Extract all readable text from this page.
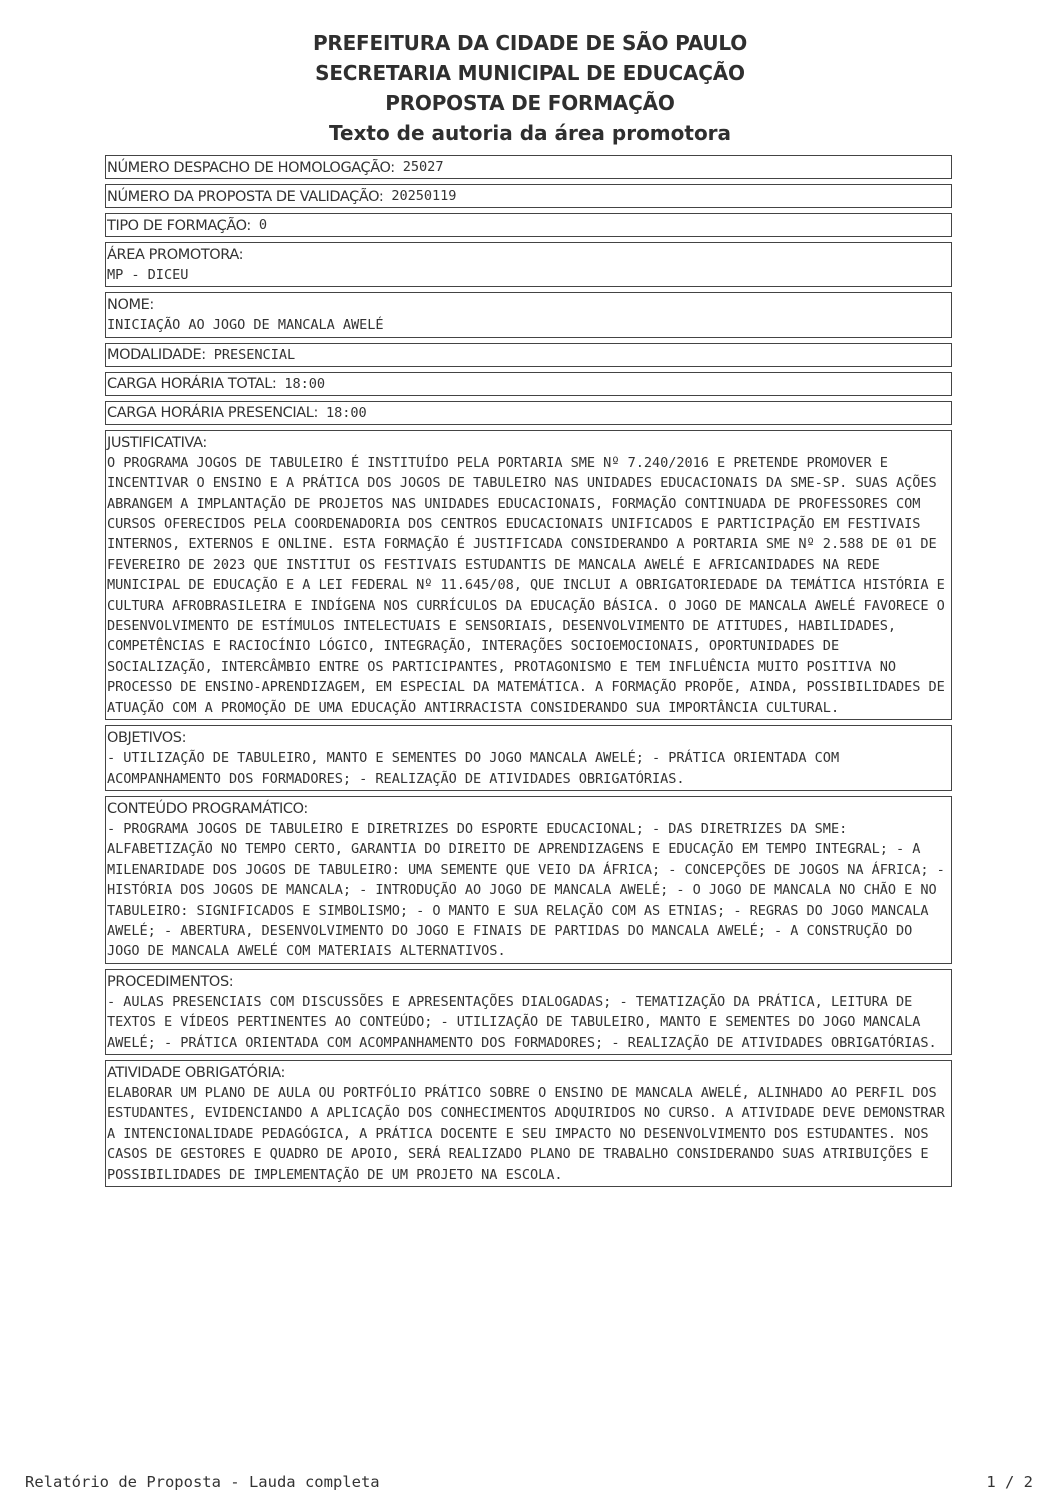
PREFEITURA DA CIDADE DE SÃO PAULO
SECRETARIA MUNICIPAL DE EDUCAÇÃO
PROPOSTA DE FORMAÇÃO
Texto de autoria da área promotora
NÚMERO DESPACHO DE HOMOLOGAÇÃO: 25027
NÚMERO DA PROPOSTA DE VALIDAÇÃO: 20250119
TIPO DE FORMAÇÃO: 0
ÁREA PROMOTORA:
MP - DICEU
NOME:
INICIAÇÃO AO JOGO DE MANCALA AWELÉ
MODALIDADE: PRESENCIAL
CARGA HORÁRIA TOTAL: 18:00
CARGA HORÁRIA PRESENCIAL: 18:00
JUSTIFICATIVA:
O PROGRAMA JOGOS DE TABULEIRO É INSTITUÍDO PELA PORTARIA SME Nº 7.240/2016 E PRETENDE PROMOVER E INCENTIVAR O ENSINO E A PRÁTICA DOS JOGOS DE TABULEIRO NAS UNIDADES EDUCACIONAIS DA SME-SP. SUAS AÇÕES ABRANGEM A IMPLANTAÇÃO DE PROJETOS NAS UNIDADES EDUCACIONAIS, FORMAÇÃO CONTINUADA DE PROFESSORES COM CURSOS OFERECIDOS PELA COORDENADORIA DOS CENTROS EDUCACIONAIS UNIFICADOS E PARTICIPAÇÃO EM FESTIVAIS INTERNOS, EXTERNOS E ONLINE. ESTA FORMAÇÃO É JUSTIFICADA CONSIDERANDO A PORTARIA SME Nº 2.588 DE 01 DE FEVEREIRO DE 2023 QUE INSTITUI OS FESTIVAIS ESTUDANTIS DE MANCALA AWELÉ E AFRICANIDADES NA REDE MUNICIPAL DE EDUCAÇÃO E A LEI FEDERAL Nº 11.645/08, QUE INCLUI A OBRIGATORIEDADE DA TEMÁTICA HISTÓRIA E CULTURA AFROBRASILEIRA E INDÍGENA NOS CURRÍCULOS DA EDUCAÇÃO BÁSICA. O JOGO DE MANCALA AWELÉ FAVORECE O DESENVOLVIMENTO DE ESTÍMULOS INTELECTUAIS E SENSORIAIS, DESENVOLVIMENTO DE ATITUDES, HABILIDADES, COMPETÊNCIAS E RACIOCÍNIO LÓGICO, INTEGRAÇÃO, INTERAÇÕES SOCIOEMOCIONAIS, OPORTUNIDADES DE SOCIALIZAÇÃO, INTERCÂMBIO ENTRE OS PARTICIPANTES, PROTAGONISMO E TEM INFLUÊNCIA MUITO POSITIVA NO PROCESSO DE ENSINO-APRENDIZAGEM, EM ESPECIAL DA MATEMÁTICA. A FORMAÇÃO PROPÕE, AINDA, POSSIBILIDADES DE ATUAÇÃO COM A PROMOÇÃO DE UMA EDUCAÇÃO ANTIRRACISTA CONSIDERANDO SUA IMPORTÂNCIA CULTURAL.
OBJETIVOS:
- UTILIZAÇÃO DE TABULEIRO, MANTO E SEMENTES DO JOGO MANCALA AWELÉ; - PRÁTICA ORIENTADA COM ACOMPANHAMENTO DOS FORMADORES; - REALIZAÇÃO DE ATIVIDADES OBRIGATÓRIAS.
CONTEÚDO PROGRAMÁTICO:
- PROGRAMA JOGOS DE TABULEIRO E DIRETRIZES DO ESPORTE EDUCACIONAL; - DAS DIRETRIZES DA SME: ALFABETIZAÇÃO NO TEMPO CERTO, GARANTIA DO DIREITO DE APRENDIZAGENS E EDUCAÇÃO EM TEMPO INTEGRAL; - A MILENARIDADE DOS JOGOS DE TABULEIRO: UMA SEMENTE QUE VEIO DA ÁFRICA; - CONCEPÇÕES DE JOGOS NA ÁFRICA; - HISTÓRIA DOS JOGOS DE MANCALA; - INTRODUÇÃO AO JOGO DE MANCALA AWELÉ; - O JOGO DE MANCALA NO CHÃO E NO TABULEIRO: SIGNIFICADOS E SIMBOLISMO; - O MANTO E SUA RELAÇÃO COM AS ETNIAS; - REGRAS DO JOGO MANCALA AWELÉ; - ABERTURA, DESENVOLVIMENTO DO JOGO E FINAIS DE PARTIDAS DO MANCALA AWELÉ; - A CONSTRUÇÃO DO JOGO DE MANCALA AWELÉ COM MATERIAIS ALTERNATIVOS.
PROCEDIMENTOS:
- AULAS PRESENCIAIS COM DISCUSSÕES E APRESENTAÇÕES DIALOGADAS; - TEMATIZAÇÃO DA PRÁTICA, LEITURA DE TEXTOS E VÍDEOS PERTINENTES AO CONTEÚDO; - UTILIZAÇÃO DE TABULEIRO, MANTO E SEMENTES DO JOGO MANCALA AWELÉ; - PRÁTICA ORIENTADA COM ACOMPANHAMENTO DOS FORMADORES; - REALIZAÇÃO DE ATIVIDADES OBRIGATÓRIAS.
ATIVIDADE OBRIGATÓRIA:
ELABORAR UM PLANO DE AULA OU PORTFÓLIO PRÁTICO SOBRE O ENSINO DE MANCALA AWELÉ, ALINHADO AO PERFIL DOS ESTUDANTES, EVIDENCIANDO A APLICAÇÃO DOS CONHECIMENTOS ADQUIRIDOS NO CURSO. A ATIVIDADE DEVE DEMONSTRAR A INTENCIONALIDADE PEDAGÓGICA, A PRÁTICA DOCENTE E SEU IMPACTO NO DESENVOLVIMENTO DOS ESTUDANTES. NOS CASOS DE GESTORES E QUADRO DE APOIO, SERÁ REALIZADO PLANO DE TRABALHO CONSIDERANDO SUAS ATRIBUIÇÕES E POSSIBILIDADES DE IMPLEMENTAÇÃO DE UM PROJETO NA ESCOLA.
Relatório de Proposta - Lauda completa	1 / 2
